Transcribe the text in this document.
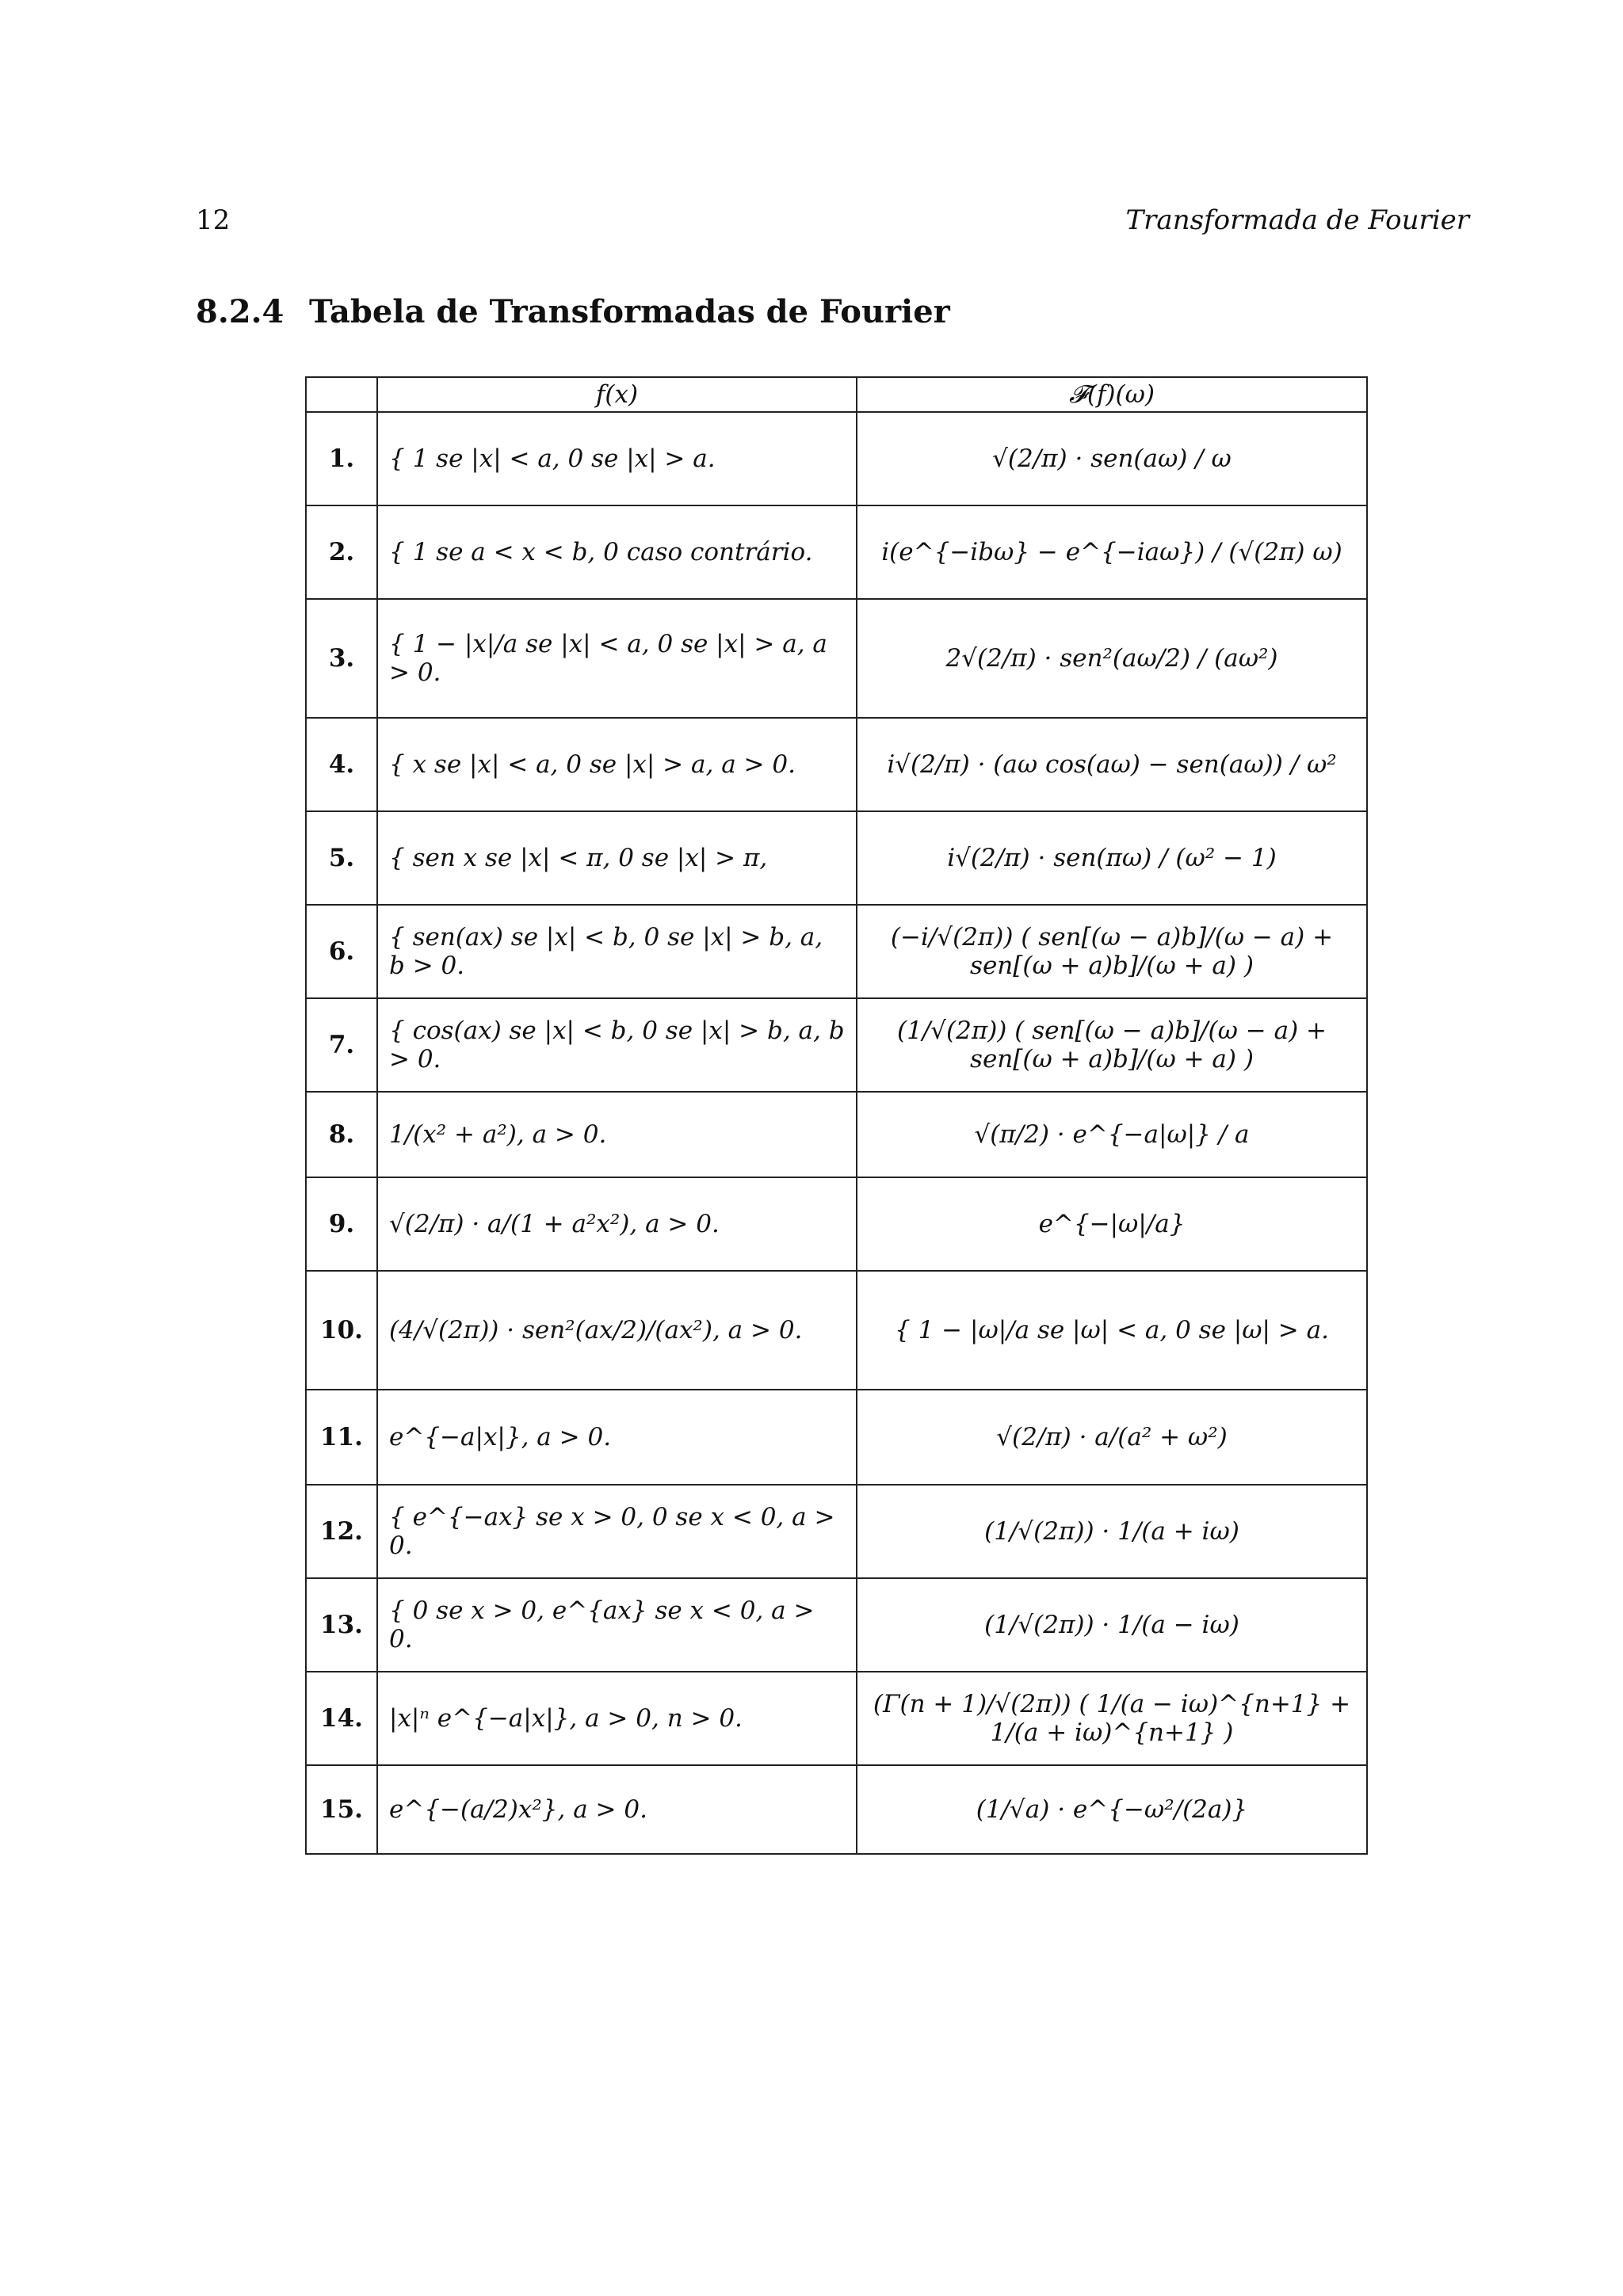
12	Transformada de Fourier
8.2.4 Tabela de Transformadas de Fourier
	f(x)	𝓕(f)(ω)
1.	{ 1 se |x| < a, 0 se |x| > a.	√(2/π) · sen(aω) / ω
2.	{ 1 se a < x < b, 0 caso contrário.	i(e^{−ibω} − e^{−iaω}) / (√(2π) ω)
3.	{ 1 − |x|/a se |x| < a, 0 se |x| > a, a > 0.	2√(2/π) · sen²(aω/2) / (aω²)
4.	{ x se |x| < a, 0 se |x| > a, a > 0.	i√(2/π) · (aω cos(aω) − sen(aω)) / ω²
5.	{ sen x se |x| < π, 0 se |x| > π,	i√(2/π) · sen(πω) / (ω² − 1)
6.	{ sen(ax) se |x| < b, 0 se |x| > b, a, b > 0.	(−i/√(2π)) ( sen[(ω − a)b]/(ω − a) + sen[(ω + a)b]/(ω + a) )
7.	{ cos(ax) se |x| < b, 0 se |x| > b, a, b > 0.	(1/√(2π)) ( sen[(ω − a)b]/(ω − a) + sen[(ω + a)b]/(ω + a) )
8.	1/(x² + a²), a > 0.	√(π/2) · e^{−a|ω|} / a
9.	√(2/π) · a/(1 + a²x²), a > 0.	e^{−|ω|/a}
10.	(4/√(2π)) · sen²(ax/2)/(ax²), a > 0.	{ 1 − |ω|/a se |ω| < a, 0 se |ω| > a.
11.	e^{−a|x|}, a > 0.	√(2/π) · a/(a² + ω²)
12.	{ e^{−ax} se x > 0, 0 se x < 0, a > 0.	(1/√(2π)) · 1/(a + iω)
13.	{ 0 se x > 0, e^{ax} se x < 0, a > 0.	(1/√(2π)) · 1/(a − iω)
14.	|x|ⁿ e^{−a|x|}, a > 0, n > 0.	(Γ(n + 1)/√(2π)) ( 1/(a − iω)^{n+1} + 1/(a + iω)^{n+1} )
15.	e^{−(a/2)x²}, a > 0.	(1/√a) · e^{−ω²/(2a)}
